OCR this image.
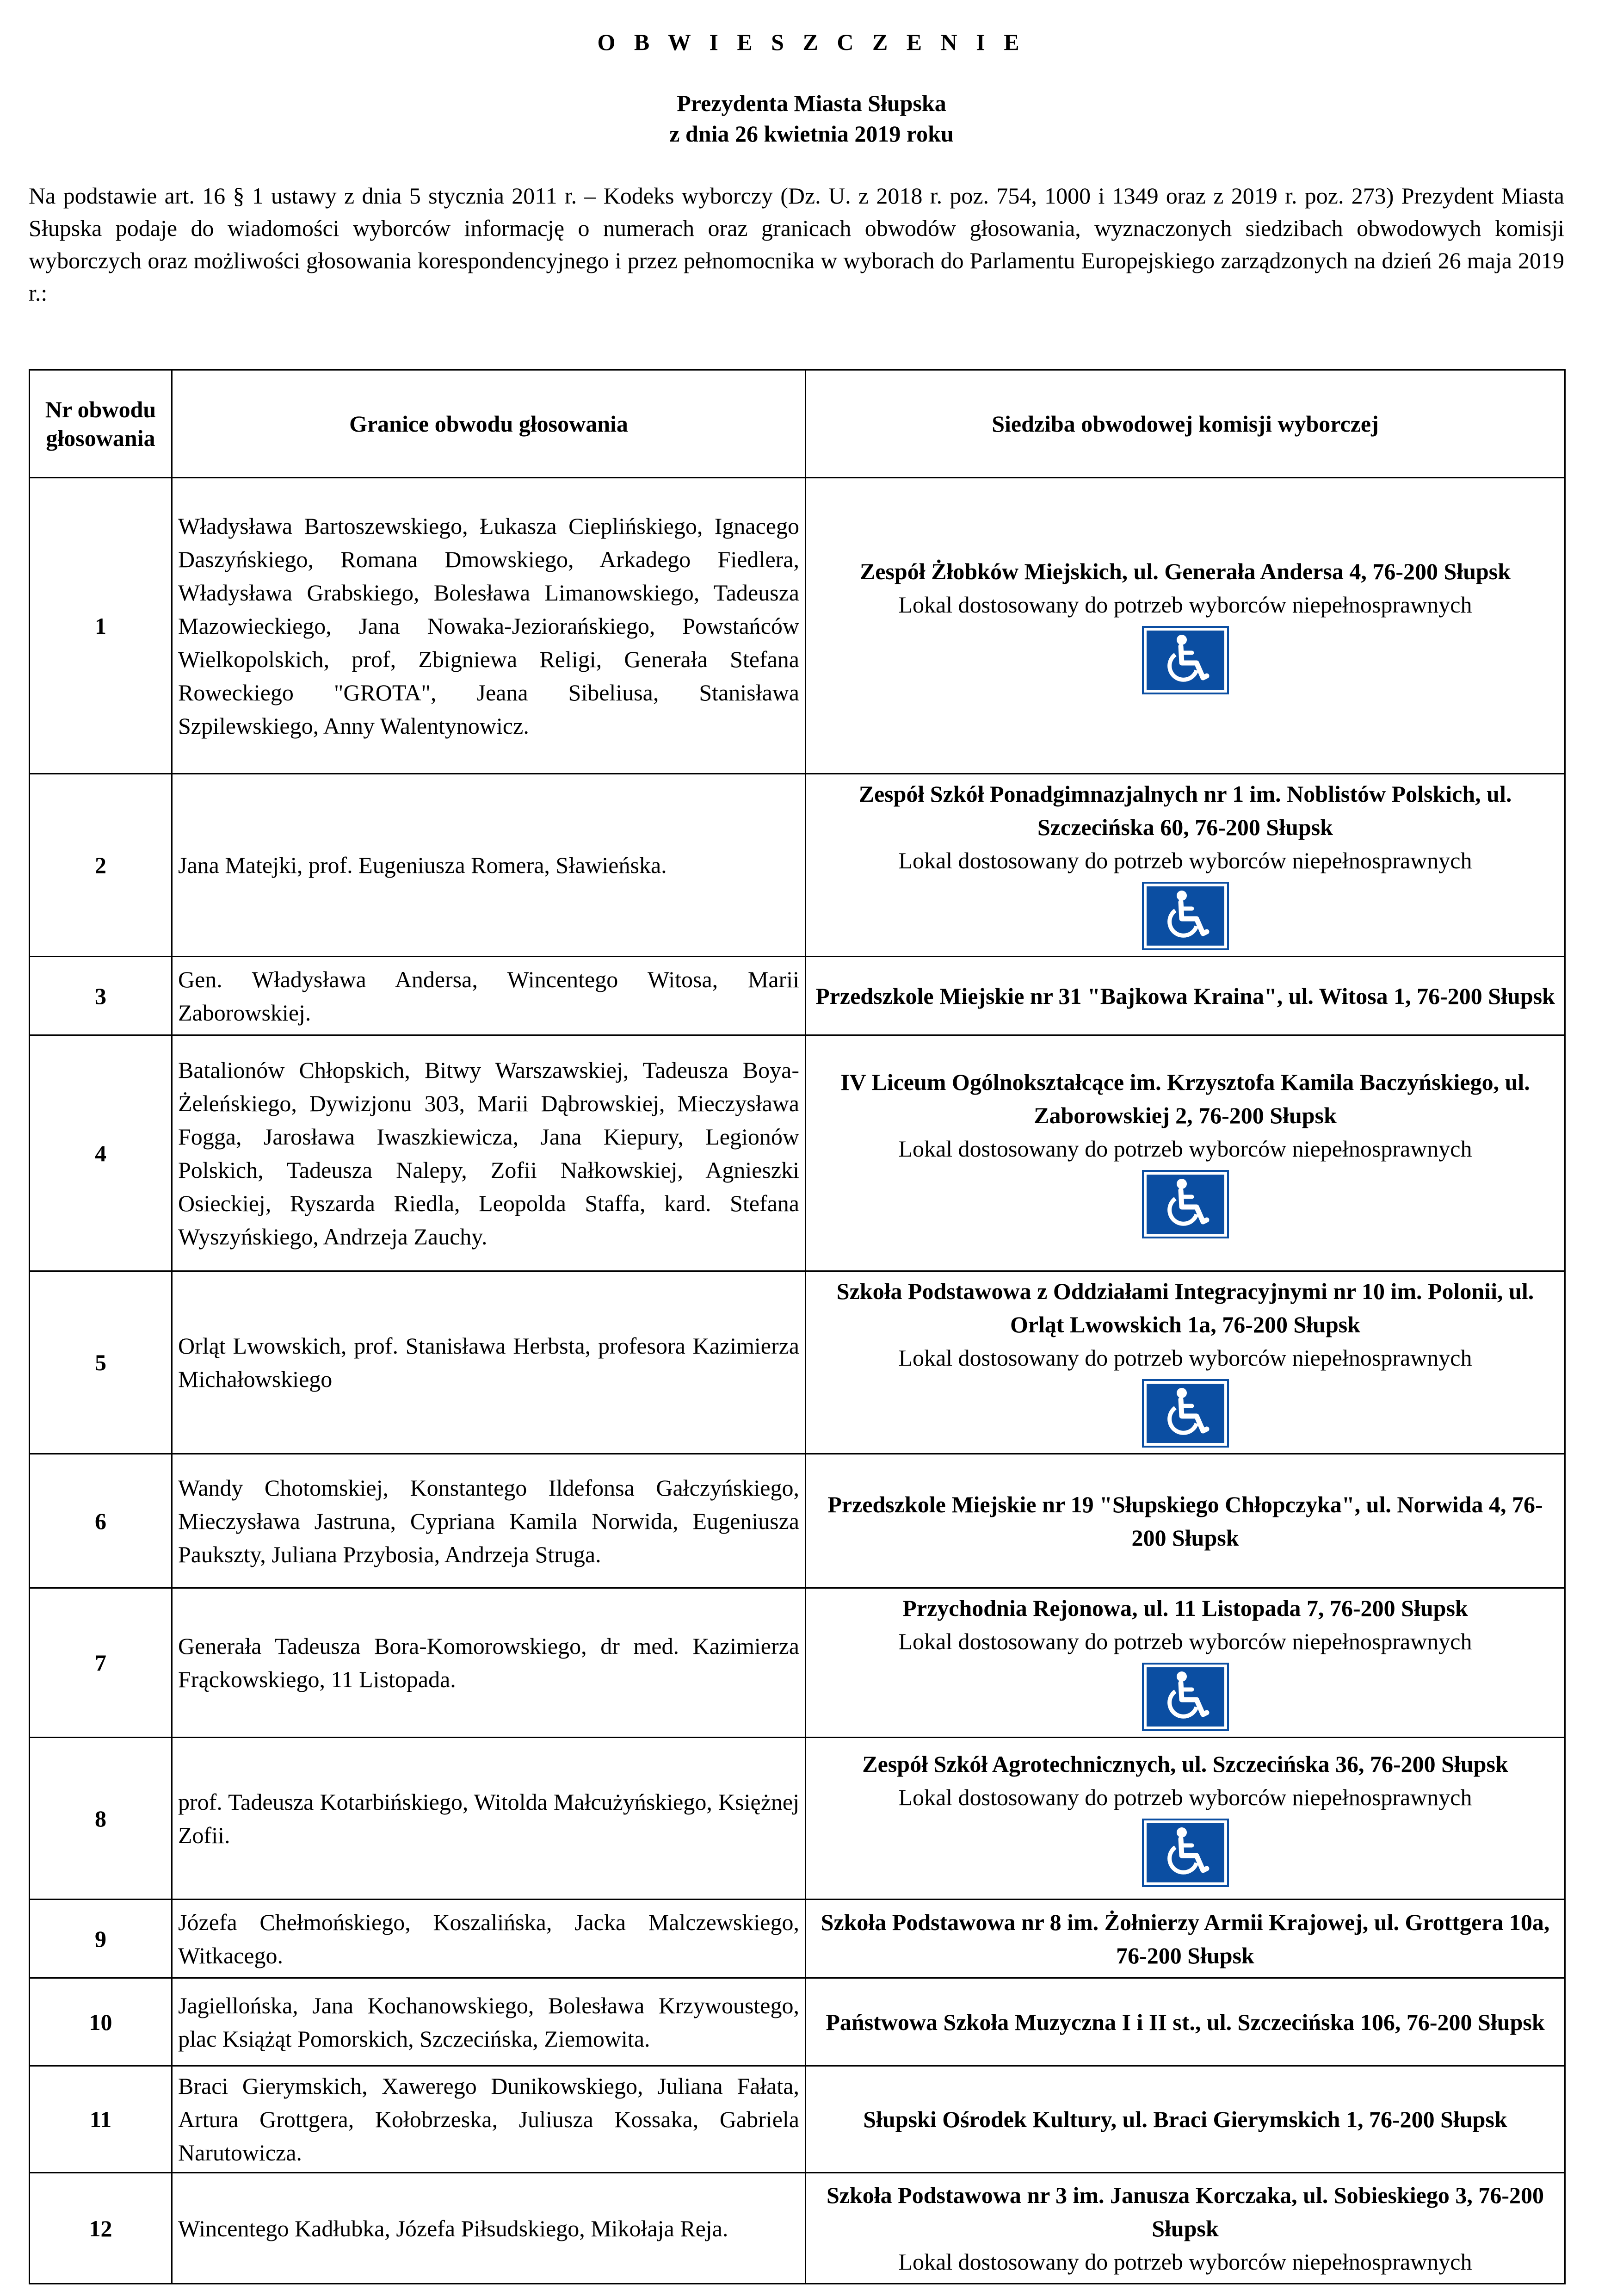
O B W I E S Z C Z E N I E
Prezydenta Miasta Słupska
z dnia 26 kwietnia 2019 roku
Na podstawie art. 16 § 1 ustawy z dnia 5 stycznia 2011 r. – Kodeks wyborczy (Dz. U. z 2018 r. poz. 754, 1000 i 1349 oraz z 2019 r. poz. 273) Prezydent Miasta Słupska podaje do wiadomości wyborców informację o numerach oraz granicach obwodów głosowania, wyznaczonych siedzibach obwodowych komisji wyborczych oraz możliwości głosowania korespondencyjnego i przez pełnomocnika w wyborach do Parlamentu Europejskiego zarządzonych na dzień 26 maja 2019 r.:
Nr obwodu głosowania	Granice obwodu głosowania	Siedziba obwodowej komisji wyborczej
1	Władysława Bartoszewskiego, Łukasza Cieplińskiego, Ignacego Daszyńskiego, Romana Dmowskiego, Arkadego Fiedlera, Władysława Grabskiego, Bolesława Limanowskiego, Tadeusza Mazowieckiego, Jana Nowaka-Jeziorańskiego, Powstańców Wielkopolskich, prof, Zbigniewa Religi, Generała Stefana Roweckiego "GROTA", Jeana Sibeliusa, Stanisława Szpilewskiego, Anny Walentynowicz.	Zespół Żłobków Miejskich, ul. Generała Andersa 4, 76-200 Słupsk
Lokal dostosowany do potrzeb wyborców niepełnosprawnych

2	Jana Matejki, prof. Eugeniusza Romera, Sławieńska.	Zespół Szkół Ponadgimnazjalnych nr 1 im. Noblistów Polskich, ul. Szczecińska 60, 76-200 Słupsk
Lokal dostosowany do potrzeb wyborców niepełnosprawnych

3	Gen. Władysława Andersa, Wincentego Witosa, Marii Zaborowskiej.	Przedszkole Miejskie nr 31 "Bajkowa Kraina", ul. Witosa 1, 76-200 Słupsk

4	Batalionów Chłopskich, Bitwy Warszawskiej, Tadeusza Boya-Żeleńskiego, Dywizjonu 303, Marii Dąbrowskiej, Mieczysława Fogga, Jarosława Iwaszkiewicza, Jana Kiepury, Legionów Polskich, Tadeusza Nalepy, Zofii Nałkowskiej, Agnieszki Osieckiej, Ryszarda Riedla, Leopolda Staffa, kard. Stefana Wyszyńskiego, Andrzeja Zauchy.	IV Liceum Ogólnokształcące im. Krzysztofa Kamila Baczyńskiego, ul. Zaborowskiej 2, 76-200 Słupsk
Lokal dostosowany do potrzeb wyborców niepełnosprawnych

5	Orląt Lwowskich, prof. Stanisława Herbsta, profesora Kazimierza Michałowskiego	Szkoła Podstawowa z Oddziałami Integracyjnymi nr 10 im. Polonii, ul. Orląt Lwowskich 1a, 76-200 Słupsk
Lokal dostosowany do potrzeb wyborców niepełnosprawnych

6	Wandy Chotomskiej, Konstantego Ildefonsa Gałczyńskiego, Mieczysława Jastruna, Cypriana Kamila Norwida, Eugeniusza Paukszty, Juliana Przybosia, Andrzeja Struga.	Przedszkole Miejskie nr 19 "Słupskiego Chłopczyka", ul. Norwida 4, 76-200 Słupsk

7	Generała Tadeusza Bora-Komorowskiego, dr med. Kazimierza Frąckowskiego, 11 Listopada.	Przychodnia Rejonowa, ul. 11 Listopada 7, 76-200 Słupsk
Lokal dostosowany do potrzeb wyborców niepełnosprawnych

8	prof. Tadeusza Kotarbińskiego, Witolda Małcużyńskiego, Księżnej Zofii.	Zespół Szkół Agrotechnicznych, ul. Szczecińska 36, 76-200 Słupsk
Lokal dostosowany do potrzeb wyborców niepełnosprawnych

9	Józefa Chełmońskiego, Koszalińska, Jacka Malczewskiego, Witkacego.	Szkoła Podstawowa nr 8 im. Żołnierzy Armii Krajowej, ul. Grottgera 10a, 76-200 Słupsk

10	Jagiellońska, Jana Kochanowskiego, Bolesława Krzywoustego, plac Książąt Pomorskich, Szczecińska, Ziemowita.	Państwowa Szkoła Muzyczna I i II st., ul. Szczecińska 106, 76-200 Słupsk

11	Braci Gierymskich, Xawerego Dunikowskiego, Juliana Fałata, Artura Grottgera, Kołobrzeska, Juliusza Kossaka, Gabriela Narutowicza.	Słupski Ośrodek Kultury, ul. Braci Gierymskich 1, 76-200 Słupsk

12	Wincentego Kadłubka, Józefa Piłsudskiego, Mikołaja Reja.	Szkoła Podstawowa nr 3 im. Janusza Korczaka, ul. Sobieskiego 3, 76-200 Słupsk
Lokal dostosowany do potrzeb wyborców niepełnosprawnych
